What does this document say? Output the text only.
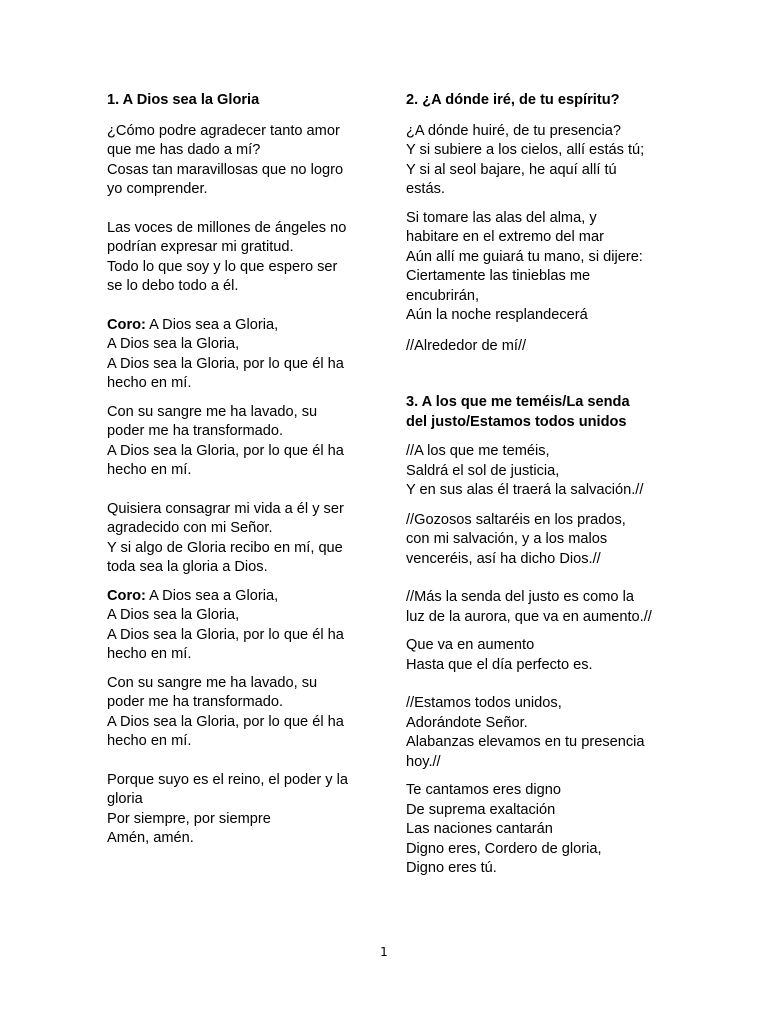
1. A Dios sea la Gloria

¿Cómo podre agradecer tanto amor
que me has dado a mí?
Cosas tan maravillosas que no logro
yo comprender.

Las voces de millones de ángeles no
podrían expresar mi gratitud.
Todo lo que soy y lo que espero ser
se lo debo todo a él.

Coro: A Dios sea a Gloria,
A Dios sea la Gloria,
A Dios sea la Gloria, por lo que él ha
hecho en mí.

Con su sangre me ha lavado, su
poder me ha transformado.
A Dios sea la Gloria, por lo que él ha
hecho en mí.

Quisiera consagrar mi vida a él y ser
agradecido con mi Señor.
Y si algo de Gloria recibo en mí, que
toda sea la gloria a Dios.

Coro: A Dios sea a Gloria,
A Dios sea la Gloria,
A Dios sea la Gloria, por lo que él ha
hecho en mí.

Con su sangre me ha lavado, su
poder me ha transformado.
A Dios sea la Gloria, por lo que él ha
hecho en mí.

Porque suyo es el reino, el poder y la
gloria
Por siempre, por siempre
Amén, amén.

2. ¿A dónde iré, de tu espíritu?

¿A dónde huiré, de tu presencia?
Y si subiere a los cielos, allí estás tú;
Y si al seol bajare, he aquí allí tú
estás.

Si tomare las alas del alma, y
habitare en el extremo del mar
Aún allí me guiará tu mano, si dijere:
Ciertamente las tinieblas me
encubrirán,
Aún la noche resplandecerá

//Alrededor de mí//

3. A los que me teméis/La senda
del justo/Estamos todos unidos

//A los que me teméis,
Saldrá el sol de justicia,
Y en sus alas él traerá la salvación.//

//Gozosos saltaréis en los prados,
con mi salvación, y a los malos
venceréis, así ha dicho Dios.//

//Más la senda del justo es como la
luz de la aurora, que va en aumento.//

Que va en aumento
Hasta que el día perfecto es.

//Estamos todos unidos,
Adorándote Señor.
Alabanzas elevamos en tu presencia
hoy.//

Te cantamos eres digno
De suprema exaltación
Las naciones cantarán
Digno eres, Cordero de gloria,
Digno eres tú.

1
